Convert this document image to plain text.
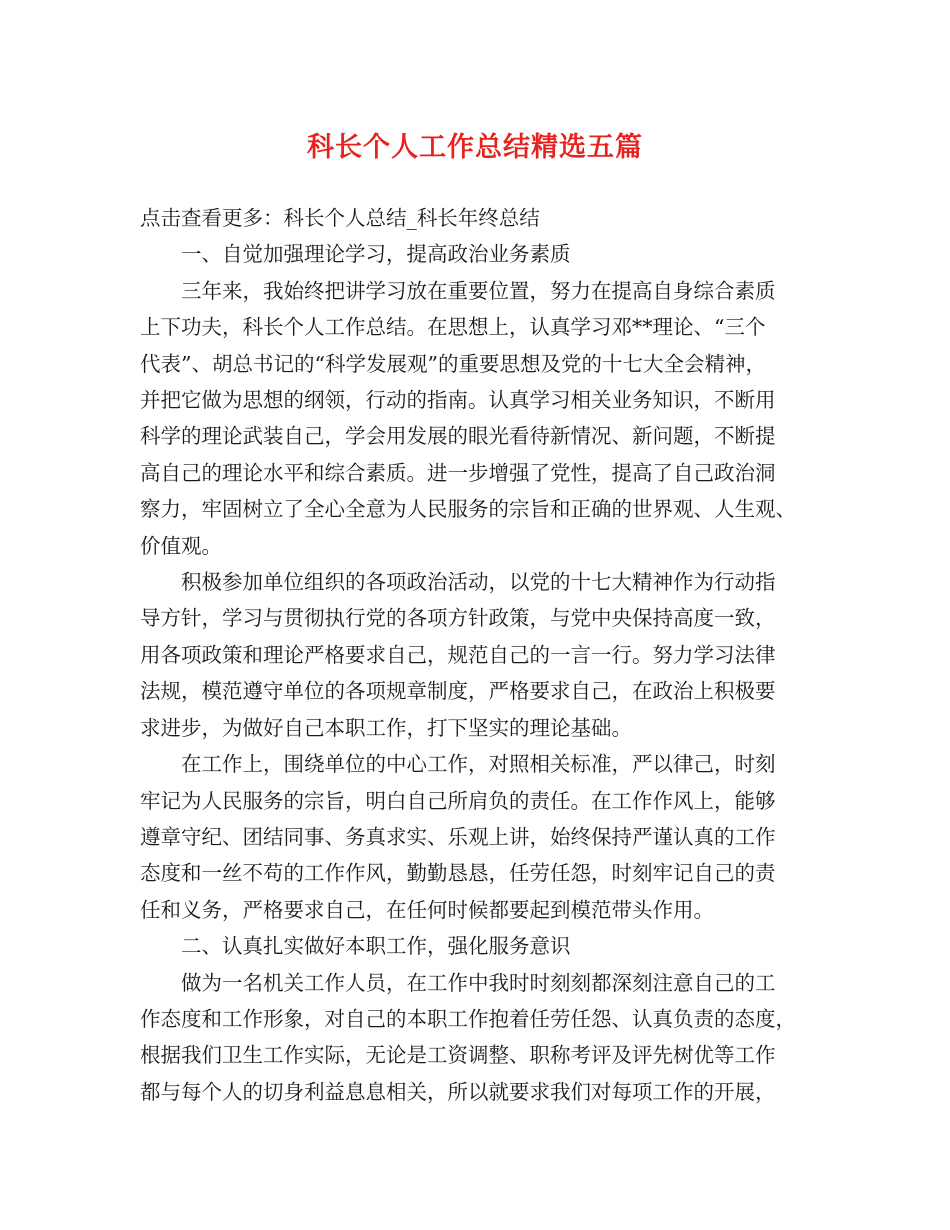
科长个人工作总结精选五篇

点击查看更多：科长个人总结_科长年终总结

一、自觉加强理论学习，提高政治业务素质

三年来，我始终把讲学习放在重要位置，努力在提高自身综合素质
上下功夫，科长个人工作总结。在思想上，认真学习邓**理论、“三个
代表”、胡总书记的“科学发展观”的重要思想及党的十七大全会精神，
并把它做为思想的纲领，行动的指南。认真学习相关业务知识，不断用
科学的理论武装自己，学会用发展的眼光看待新情况、新问题，不断提
高自己的理论水平和综合素质。进一步增强了党性，提高了自己政治洞
察力，牢固树立了全心全意为人民服务的宗旨和正确的世界观、人生观、
价值观。

积极参加单位组织的各项政治活动，以党的十七大精神作为行动指
导方针，学习与贯彻执行党的各项方针政策，与党中央保持高度一致，
用各项政策和理论严格要求自己，规范自己的一言一行。努力学习法律
法规，模范遵守单位的各项规章制度，严格要求自己，在政治上积极要
求进步，为做好自己本职工作，打下坚实的理论基础。

在工作上，围绕单位的中心工作，对照相关标准，严以律己，时刻
牢记为人民服务的宗旨，明白自己所肩负的责任。在工作作风上，能够
遵章守纪、团结同事、务真求实、乐观上讲，始终保持严谨认真的工作
态度和一丝不苟的工作作风，勤勤恳恳，任劳任怨，时刻牢记自己的责
任和义务，严格要求自己，在任何时候都要起到模范带头作用。

二、认真扎实做好本职工作，强化服务意识

做为一名机关工作人员，在工作中我时时刻刻都深刻注意自己的工
作态度和工作形象，对自己的本职工作抱着任劳任怨、认真负责的态度，
根据我们卫生工作实际，无论是工资调整、职称考评及评先树优等工作
都与每个人的切身利益息息相关，所以就要求我们对每项工作的开展，
